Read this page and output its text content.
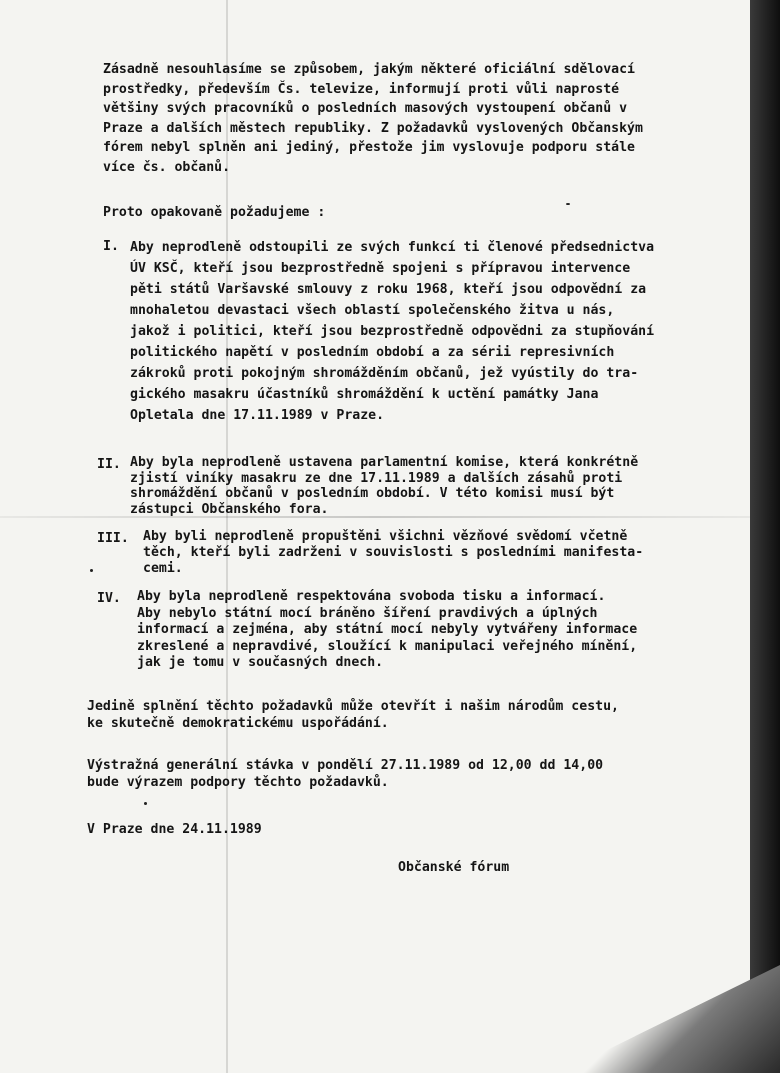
Zásadně nesouhlasíme se způsobem, jakým některé oficiální sdělovací
prostředky, především Čs. televize, informují proti vůli naprosté
většiny svých pracovníků o posledních masových vystoupení občanů v
Praze a dalších městech republiky. Z požadavků vyslovených Občanským
fórem nebyl splněn ani jediný, přestože jim vyslovuje podporu stále
více čs. občanů.

Proto opakovaně požadujeme :

I. Aby neprodleně odstoupili ze svých funkcí ti členové předsednictva
ÚV KSČ, kteří jsou bezprostředně spojeni s přípravou intervence
pěti států Varšavské smlouvy z roku 1968, kteří jsou odpovědní za
mnohaletou devastaci všech oblastí společenského žitva u nás,
jakož i politici, kteří jsou bezprostředně odpovědni za stupňování
politického napětí v posledním období a za sérii represivních
zákroků proti pokojným shromážděním občanů, jež vyústily do tra-
gického masakru účastníků shromáždění k uctění památky Jana
Opletala dne 17.11.1989 v Praze.

II. Aby byla neprodleně ustavena parlamentní komise, která konkrétně
zjistí viníky masakru ze dne 17.11.1989 a dalších zásahů proti
shromáždění občanů v posledním období. V této komisi musí být
zástupci Občanského fora.

III. Aby byli neprodleně propuštěni všichni vězňové svědomí včetně
těch, kteří byli zadrženi v souvislosti s posledními manifesta-
cemi.

IV. Aby byla neprodleně respektována svoboda tisku a informací.
Aby nebylo státní mocí bráněno šíření pravdivých a úplných
informací a zejména, aby státní mocí nebyly vytvářeny informace
zkreslené a nepravdivé, sloužící k manipulaci veřejného mínění,
jak je tomu v současných dnech.

Jedině splnění těchto požadavků může otevřít i našim národům cestu,
ke skutečně demokratickému uspořádání.

Výstražná generální stávka v pondělí 27.11.1989 od 12,00 dd 14,00
bude výrazem podpory těchto požadavků.

V Praze dne 24.11.1989

Občanské fórum
